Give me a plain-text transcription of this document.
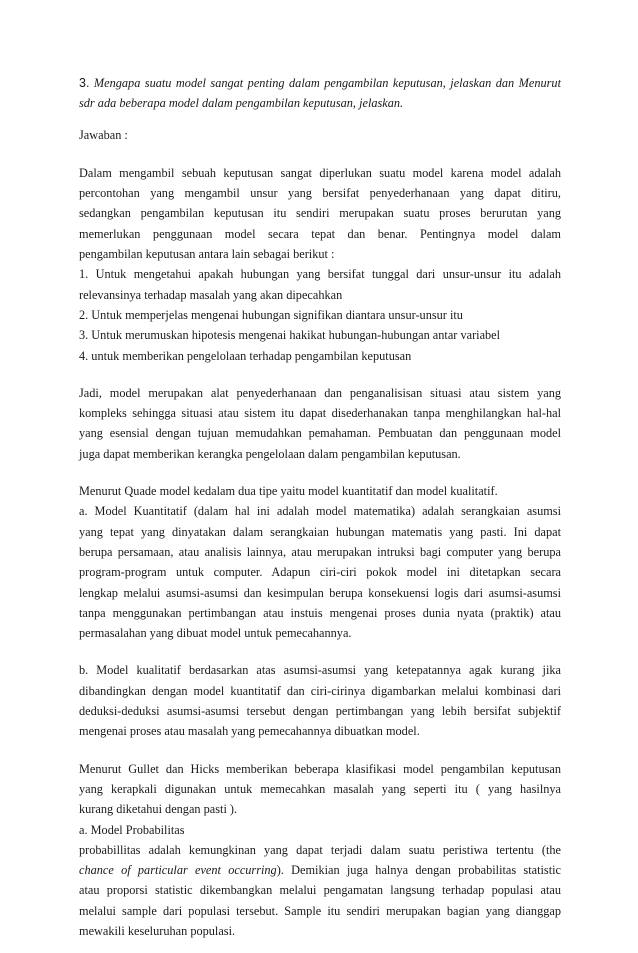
3. Mengapa suatu model sangat penting dalam pengambilan keputusan, jelaskan dan Menurut sdr ada beberapa model dalam pengambilan keputusan, jelaskan.

Jawaban :

Dalam mengambil sebuah keputusan sangat diperlukan suatu model karena model adalah
percontohan yang mengambil unsur yang bersifat penyederhanaan yang dapat ditiru,
sedangkan pengambilan keputusan itu sendiri merupakan suatu proses berurutan yang
memerlukan penggunaan model secara tepat dan benar. Pentingnya model dalam
pengambilan keputusan antara lain sebagai berikut :
1. Untuk mengetahui apakah hubungan yang bersifat tunggal dari unsur-unsur itu adalah
relevansinya terhadap masalah yang akan dipecahkan
2. Untuk memperjelas mengenai hubungan signifikan diantara unsur-unsur itu
3. Untuk merumuskan hipotesis mengenai hakikat hubungan-hubungan antar variabel
4. untuk memberikan pengelolaan terhadap pengambilan keputusan
Jadi, model merupakan alat penyederhanaan dan penganalisisan situasi atau sistem yang
kompleks sehingga situasi atau sistem itu dapat disederhanakan tanpa menghilangkan hal-hal
yang esensial dengan tujuan memudahkan pemahaman. Pembuatan dan penggunaan model
juga dapat memberikan kerangka pengelolaan dalam pengambilan keputusan.
Menurut Quade model kedalam dua tipe yaitu model kuantitatif dan model kualitatif.
a. Model Kuantitatif (dalam hal ini adalah model matematika) adalah serangkaian asumsi
yang tepat yang dinyatakan dalam serangkaian hubungan matematis yang pasti. Ini dapat
berupa persamaan, atau analisis lainnya, atau merupakan intruksi bagi computer yang berupa
program-program untuk computer. Adapun ciri-ciri pokok model ini ditetapkan secara
lengkap melalui asumsi-asumsi dan kesimpulan berupa konsekuensi logis dari asumsi-asumsi
tanpa menggunakan pertimbangan atau instuis mengenai proses dunia nyata (praktik) atau
permasalahan yang dibuat model untuk pemecahannya.
b. Model kualitatif berdasarkan atas asumsi-asumsi yang ketepatannya agak kurang jika
dibandingkan dengan model kuantitatif dan ciri-cirinya digambarkan melalui kombinasi dari
deduksi-deduksi asumsi-asumsi tersebut dengan pertimbangan yang lebih bersifat subjektif
mengenai proses atau masalah yang pemecahannya dibuatkan model.
Menurut Gullet dan Hicks memberikan beberapa klasifikasi model pengambilan keputusan
yang kerapkali digunakan untuk memecahkan masalah yang seperti itu ( yang hasilnya
kurang diketahui dengan pasti ).
a. Model Probabilitas
probabillitas adalah kemungkinan yang dapat terjadi dalam suatu peristiwa tertentu (the
chance of particular event occurring). Demikian juga halnya dengan probabilitas statistic
atau proporsi statistic dikembangkan melalui pengamatan langsung terhadap populasi atau
melalui sample dari populasi tersebut. Sample itu sendiri merupakan bagian yang dianggap
mewakili keseluruhan populasi.
